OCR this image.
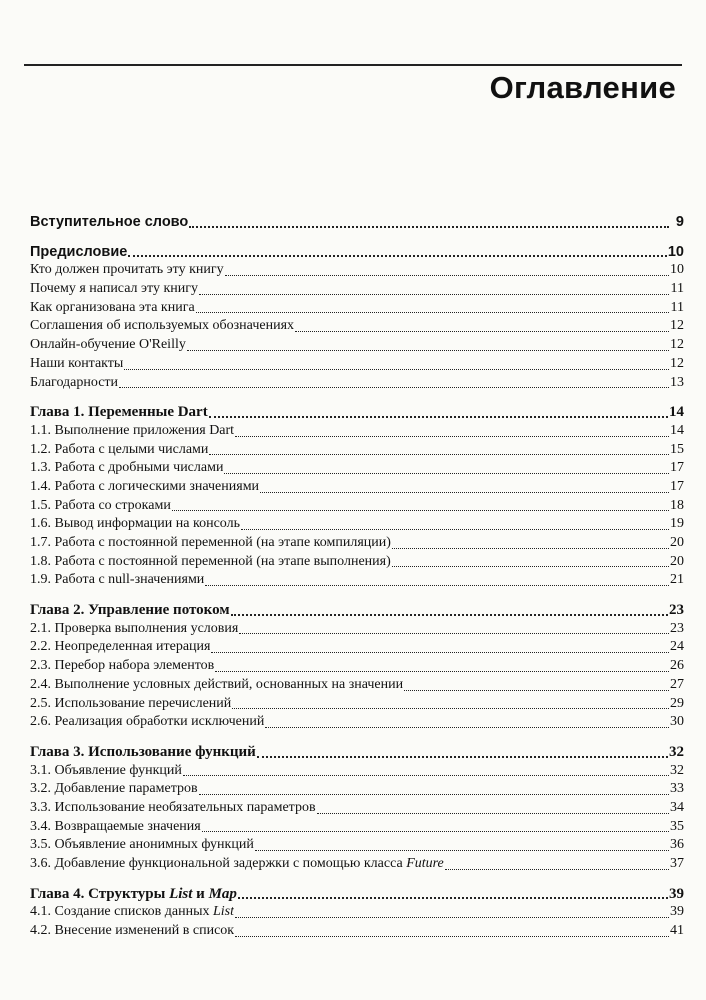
Оглавление
Вступительное слово	9
Предисловие	10
Кто должен прочитать эту книгу	10
Почему я написал эту книгу	11
Как организована эта книга	11
Соглашения об используемых обозначениях	12
Онлайн-обучение O'Reilly	12
Наши контакты	12
Благодарности	13
Глава 1. Переменные Dart	14
1.1. Выполнение приложения Dart	14
1.2. Работа с целыми числами	15
1.3. Работа с дробными числами	17
1.4. Работа с логическими значениями	17
1.5. Работа со строками	18
1.6. Вывод информации на консоль	19
1.7. Работа с постоянной переменной (на этапе компиляции)	20
1.8. Работа с постоянной переменной (на этапе выполнения)	20
1.9. Работа с null-значениями	21
Глава 2. Управление потоком	23
2.1. Проверка выполнения условия	23
2.2. Неопределенная итерация	24
2.3. Перебор набора элементов	26
2.4. Выполнение условных действий, основанных на значении	27
2.5. Использование перечислений	29
2.6. Реализация обработки исключений	30
Глава 3. Использование функций	32
3.1. Объявление функций	32
3.2. Добавление параметров	33
3.3. Использование необязательных параметров	34
3.4. Возвращаемые значения	35
3.5. Объявление анонимных функций	36
3.6. Добавление функциональной задержки с помощью класса Future	37
Глава 4. Структуры List и Map	39
4.1. Создание списков данных List	39
4.2. Внесение изменений в список	41
